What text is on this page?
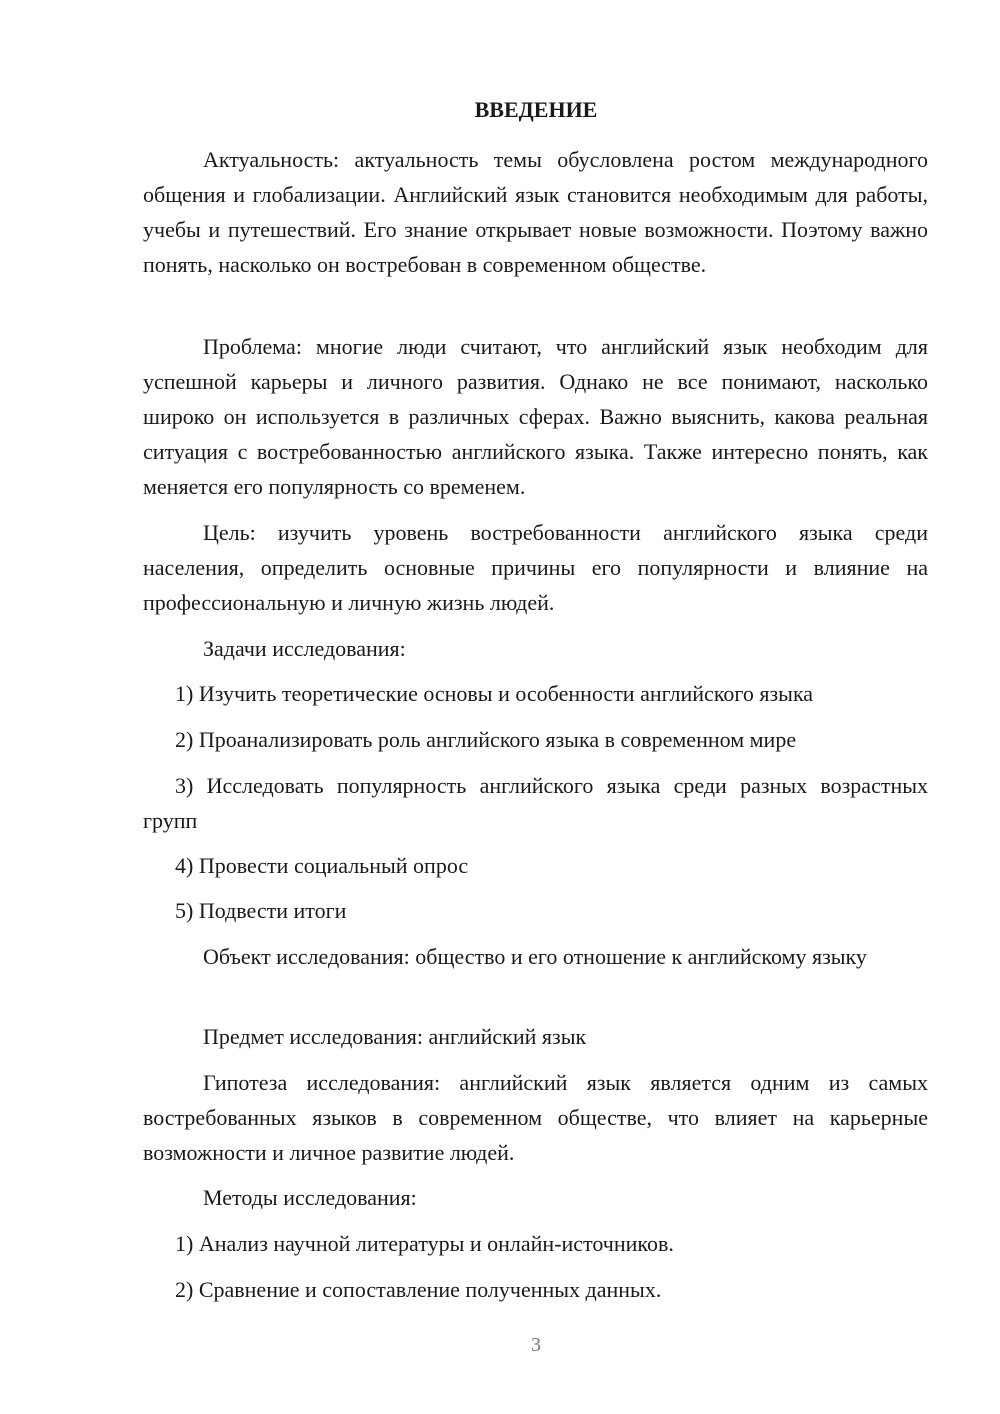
ВВЕДЕНИЕ

Актуальность: актуальность темы обусловлена ростом международного общения и глобализации. Английский язык становится необходимым для работы, учебы и путешествий. Его знание открывает новые возможности. Поэтому важно понять, насколько он востребован в современном обществе.

Проблема: многие люди считают, что английский язык необходим для успешной карьеры и личного развития. Однако не все понимают, насколько широко он используется в различных сферах. Важно выяснить, какова реальная ситуация с востребованностью английского языка. Также интересно понять, как меняется его популярность со временем.

Цель: изучить уровень востребованности английского языка среди населения, определить основные причины его популярности и влияние на профессиональную и личную жизнь людей.

Задачи исследования:

1) Изучить теоретические основы и особенности английского языка

2) Проанализировать роль английского языка в современном мире

3) Исследовать популярность английского языка среди разных возрастных групп

4) Провести социальный опрос

5) Подвести итоги

Объект исследования: общество и его отношение к английскому языку

Предмет исследования: английский язык

Гипотеза исследования: английский язык является одним из самых востребованных языков в современном обществе, что влияет на карьерные возможности и личное развитие людей.

Методы исследования:

1) Анализ научной литературы и онлайн-источников.

2) Сравнение и сопоставление полученных данных.

3
